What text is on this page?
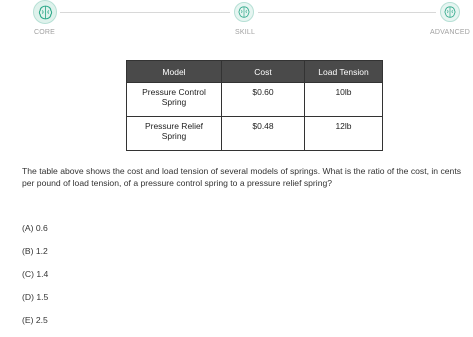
CORE	SKILL	ADVANCED
Model	Cost	Load Tension
Pressure Control Spring	$0.60	10lb
Pressure Relief Spring	$0.48	12lb
The table above shows the cost and load tension of several models of springs. What is the ratio of the cost, in cents per pound of load tension, of a pressure control spring to a pressure relief spring?
(A) 0.6
(B) 1.2
(C) 1.4
(D) 1.5
(E) 2.5
